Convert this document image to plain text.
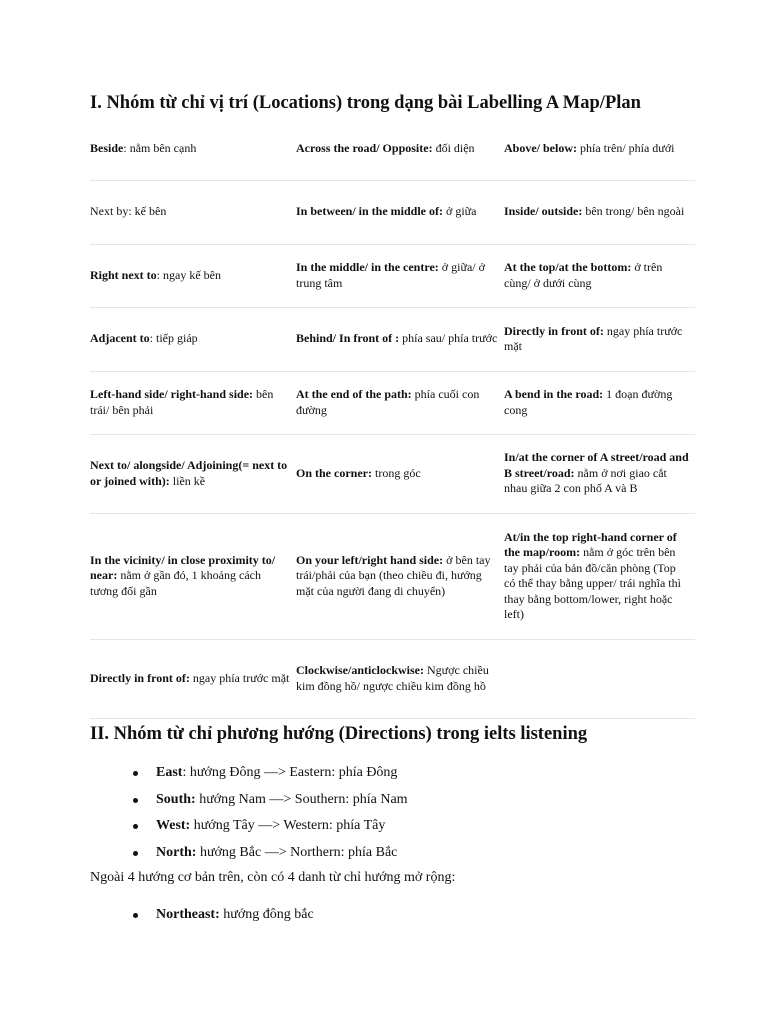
I. Nhóm từ chỉ vị trí (Locations) trong dạng bài Labelling A Map/Plan
Beside: nằm bên cạnh	Across the road/ Opposite: đối diện	Above/ below: phía trên/ phía dưới
Next by: kế bên	In between/ in the middle of: ở giữa	Inside/ outside: bên trong/ bên ngoài
Right next to: ngay kế bên	In the middle/ in the centre: ở giữa/ ở trung tâm	At the top/at the bottom: ở trên cùng/ ở dưới cùng
Adjacent to: tiếp giáp	Behind/ In front of : phía sau/ phía trước	Directly in front of: ngay phía trước mặt
Left-hand side/ right-hand side: bên trái/ bên phải	At the end of the path: phía cuối con đường	A bend in the road: 1 đoạn đường cong
Next to/ alongside/ Adjoining(= next to or joined with): liền kề	On the corner: trong góc	In/at the corner of A street/road and B street/road: nằm ở nơi giao cắt nhau giữa 2 con phố A và B
In the vicinity/ in close proximity to/ near: nằm ở gần đó, 1 khoảng cách tương đối gần	On your left/right hand side: ở bên tay trái/phải của bạn (theo chiều đi, hướng mặt của người đang di chuyển)	At/in the top right-hand corner of the map/room: nằm ở góc trên bên tay phải của bản đồ/căn phòng (Top có thể thay bằng upper/ trái nghĩa thì thay bằng bottom/lower, right hoặc left)
Directly in front of: ngay phía trước mặt	Clockwise/anticlockwise: Ngược chiều kim đồng hồ/ ngược chiều kim đồng hồ	
II. Nhóm từ chỉ phương hướng (Directions) trong ielts listening
East: hướng Đông —> Eastern: phía Đông
South: hướng Nam —> Southern: phía Nam
West: hướng Tây —> Western: phía Tây
North: hướng Bắc —> Northern: phía Bắc
Ngoài 4 hướng cơ bản trên, còn có 4 danh từ chỉ hướng mở rộng:
Northeast: hướng đông bắc
